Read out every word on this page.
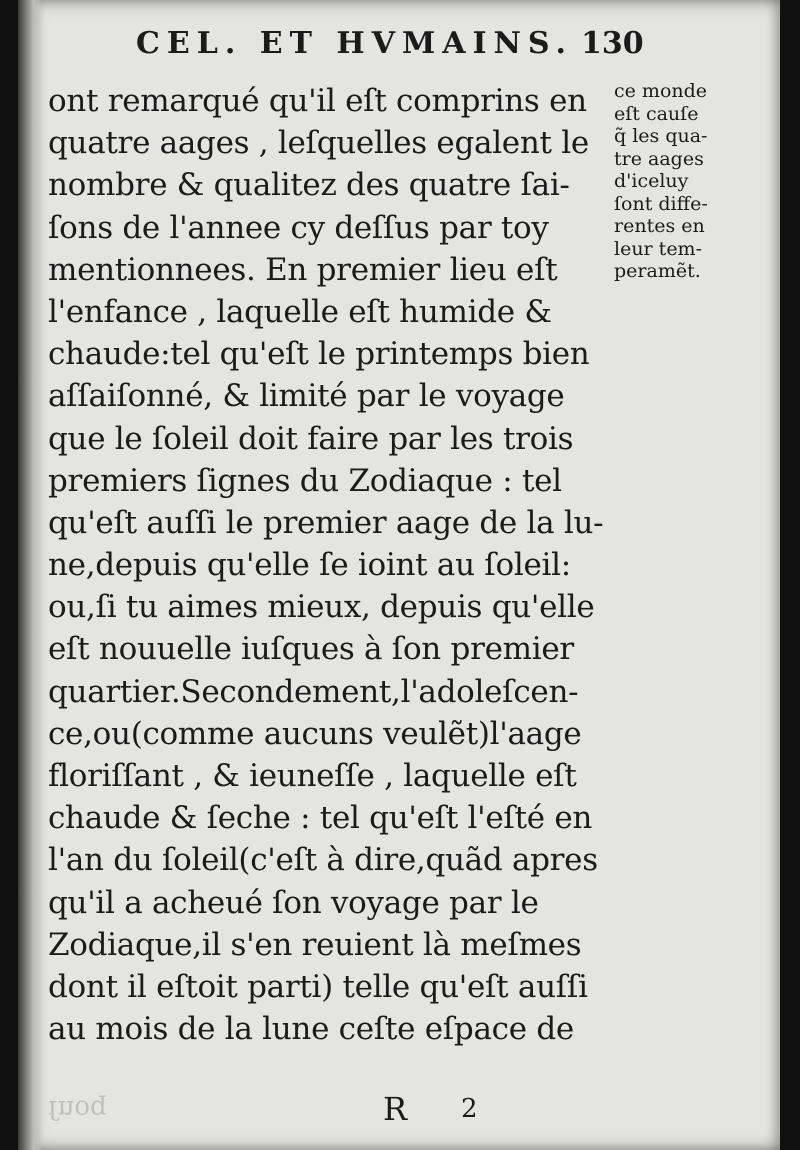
CEL. ET HVMAINS. 130
ont remarqué qu'il eſt comprins en
quatre aages , leſquelles egalent le
nombre & qualitez des quatre ſai-
ſons de l'annee cy deſſus par toy
mentionnees. En premier lieu eſt
l'enfance , laquelle eſt humide &
chaude:tel qu'eſt le printemps bien
aſſaiſonné, & limité par le voyage
que le ſoleil doit faire par les trois
premiers ſignes du Zodiaque : tel
qu'eſt auſſi le premier aage de la lu-
ne,depuis qu'elle ſe ioint au ſoleil:
ou,ſi tu aimes mieux, depuis qu'elle
eſt nouuelle iuſques à ſon premier
quartier.Secondement,l'adoleſcen-
ce,ou(comme aucuns veulẽt)l'aage
floriſſant , & ieuneſſe , laquelle eſt
chaude & ſeche : tel qu'eſt l'eſté en
l'an du ſoleil(c'eſt à dire,quãd apres
qu'il a acheué ſon voyage par le
Zodiaque,il s'en reuient là meſmes
dont il eſtoit parti) telle qu'eſt auſſi
au mois de la lune ceſte eſpace de
ce monde
eſt cauſe
q̃ les qua-
tre aages
d'iceluy
ſont diffe-
rentes en
leur tem-
peramẽt.
ſnoq	R 2
